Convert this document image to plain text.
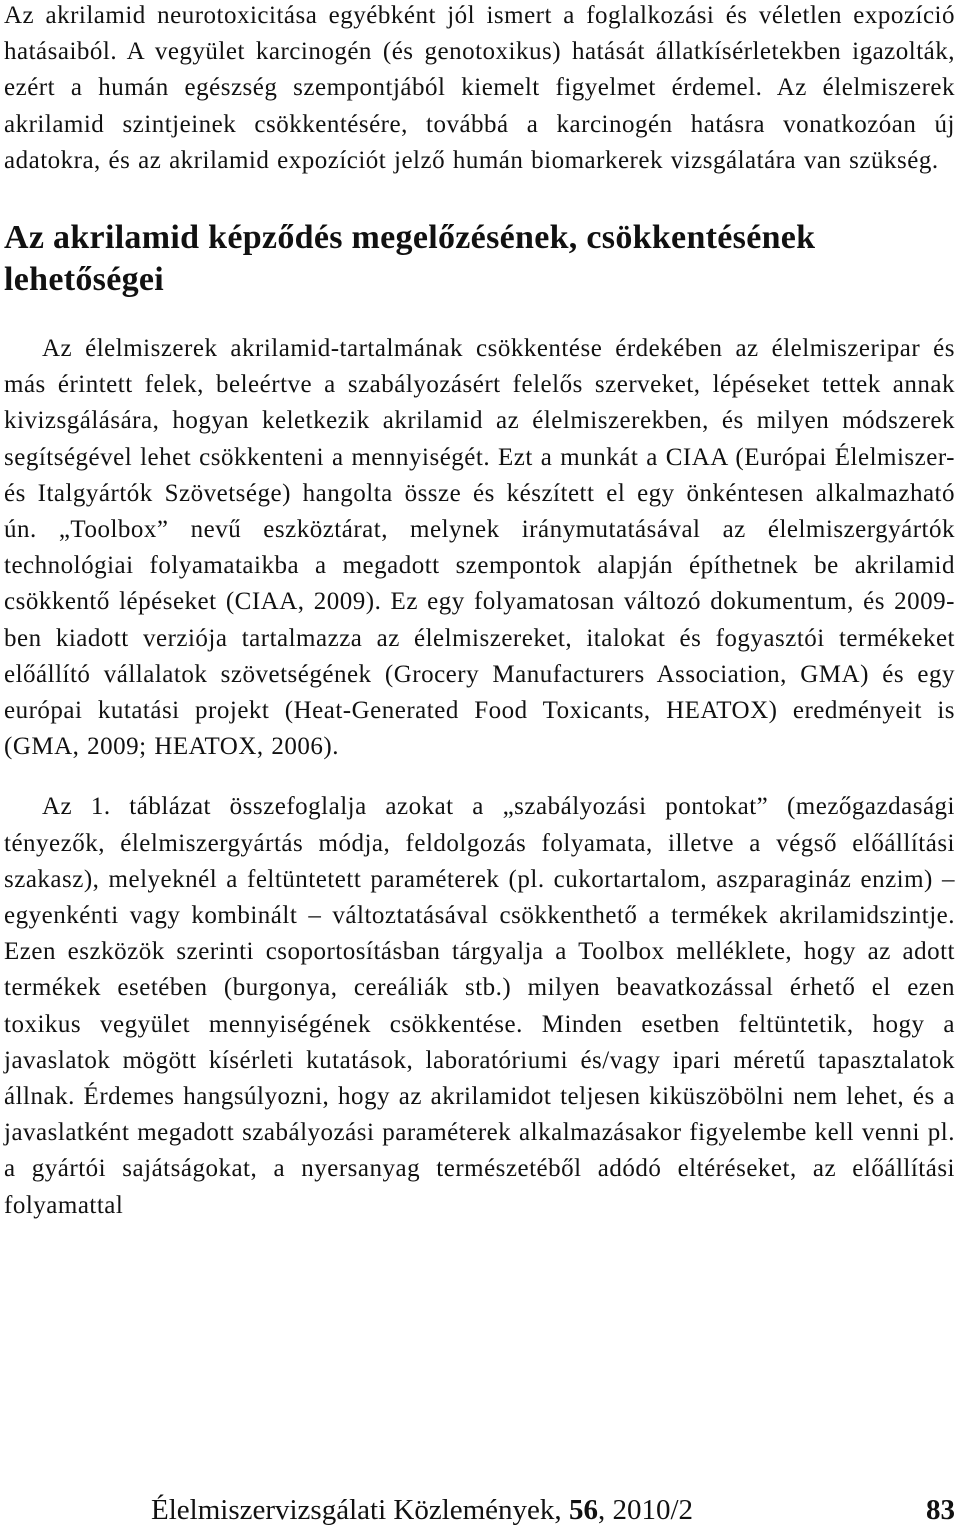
Az akrilamid neurotoxicitása egyébként jól ismert a foglalkozási és véletlen expozíció hatásaiból. A vegyület karcinogén (és genotoxikus) hatását állatkísérletekben igazolták, ezért a humán egészség szempontjából kiemelt figyelmet érdemel. Az élelmiszerek akrilamid szintjeinek csökkentésére, továbbá a karcinogén hatásra vonatkozóan új adatokra, és az akrilamid expozíciót jelző humán biomarkerek vizsgálatára van szükség.

Az akrilamid képződés megelőzésének, csökkentésének lehetőségei

Az élelmiszerek akrilamid-tartalmának csökkentése érdekében az élelmiszeripar és más érintett felek, beleértve a szabályozásért felelős szerveket, lépéseket tettek annak kivizsgálására, hogyan keletkezik akrilamid az élelmiszerekben, és milyen módszerek segítségével lehet csökkenteni a mennyiségét. Ezt a munkát a CIAA (Európai Élelmiszer- és Italgyártók Szövetsége) hangolta össze és készített el egy önkéntesen alkalmazható ún. „Toolbox” nevű eszköztárat, melynek iránymutatásával az élelmiszergyártók technológiai folyamataikba a megadott szempontok alapján építhetnek be akrilamid csökkentő lépéseket (CIAA, 2009). Ez egy folyamatosan változó dokumentum, és 2009-ben kiadott verziója tartalmazza az élelmiszereket, italokat és fogyasztói termékeket előállító vállalatok szövetségének (Grocery Manufacturers Association, GMA) és egy európai kutatási projekt (Heat-Generated Food Toxicants, HEATOX) eredményeit is (GMA, 2009; HEATOX, 2006).

Az 1. táblázat összefoglalja azokat a „szabályozási pontokat” (mezőgazdasági tényezők, élelmiszergyártás módja, feldolgozás folyamata, illetve a végső előállítási szakasz), melyeknél a feltüntetett paraméterek (pl. cukortartalom, aszparagináz enzim) – egyenkénti vagy kombinált – változtatásával csökkenthető a termékek akrilamidszintje. Ezen eszközök szerinti csoportosításban tárgyalja a Toolbox melléklete, hogy az adott termékek esetében (burgonya, cereáliák stb.) milyen beavatkozással érhető el ezen toxikus vegyület mennyiségének csökkentése. Minden esetben feltüntetik, hogy a javaslatok mögött kísérleti kutatások, laboratóriumi és/vagy ipari méretű tapasztalatok állnak. Érdemes hangsúlyozni, hogy az akrilamidot teljesen kiküszöbölni nem lehet, és a javaslatként megadott szabályozási paraméterek alkalmazásakor figyelembe kell venni pl. a gyártói sajátságokat, a nyersanyag természetéből adódó eltéréseket, az előállítási folyamattal

Élelmiszervizsgálati Közlemények, 56, 2010/2	83
